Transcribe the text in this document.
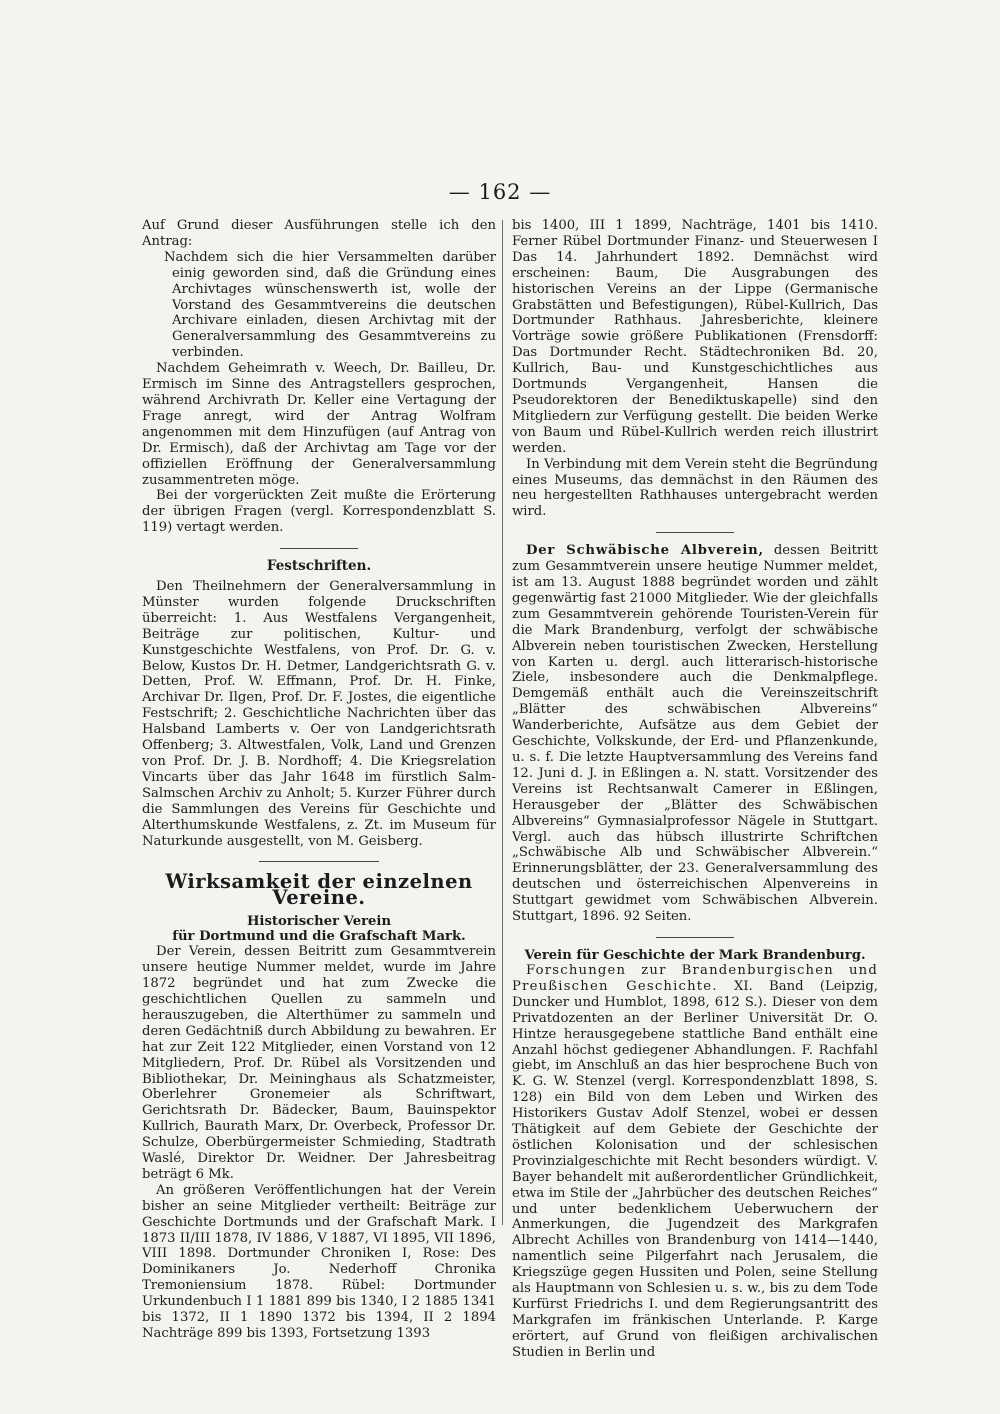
— 162 —

Auf Grund dieser Ausführungen stelle ich den Antrag:

Nachdem sich die hier Versammelten darüber einig geworden sind, daß die Gründung eines Archivtages wünschenswerth ist, wolle der Vorstand des Gesammtvereins die deutschen Archivare einladen, diesen Archivtag mit der Generalversammlung des Gesammtvereins zu verbinden.

Nachdem Geheimrath v. Weech, Dr. Bailleu, Dr. Ermisch im Sinne des Antragstellers gesprochen, während Archivrath Dr. Keller eine Vertagung der Frage anregt, wird der Antrag Wolfram angenommen mit dem Hinzufügen (auf Antrag von Dr. Ermisch), daß der Archivtag am Tage vor der offiziellen Eröffnung der Generalversammlung zusammentreten möge.

Bei der vorgerückten Zeit mußte die Erörterung der übrigen Fragen (vergl. Korrespondenzblatt S. 119) vertagt werden.

Festschriften.

Den Theilnehmern der Generalversammlung in Münster wurden folgende Druckschriften überreicht: 1. Aus Westfalens Vergangenheit, Beiträge zur politischen, Kultur- und Kunstgeschichte Westfalens, von Prof. Dr. G. v. Below, Kustos Dr. H. Detmer, Landgerichtsrath G. v. Detten, Prof. W. Effmann, Prof. Dr. H. Finke, Archivar Dr. Ilgen, Prof. Dr. F. Jostes, die eigentliche Festschrift; 2. Geschichtliche Nachrichten über das Halsband Lamberts v. Oer von Landgerichtsrath Offenberg; 3. Altwestfalen, Volk, Land und Grenzen von Prof. Dr. J. B. Nordhoff; 4. Die Kriegsrelation Vincarts über das Jahr 1648 im fürstlich Salm-Salmschen Archiv zu Anholt; 5. Kurzer Führer durch die Sammlungen des Vereins für Geschichte und Alterthumskunde Westfalens, z. Zt. im Museum für Naturkunde ausgestellt, von M. Geisberg.

Wirksamkeit der einzelnen Vereine.
Historischer Verein
für Dortmund und die Grafschaft Mark.

Der Verein, dessen Beitritt zum Gesammtverein unsere heutige Nummer meldet, wurde im Jahre 1872 begründet und hat zum Zwecke die geschichtlichen Quellen zu sammeln und herauszugeben, die Alterthümer zu sammeln und deren Gedächtniß durch Abbildung zu bewahren. Er hat zur Zeit 122 Mitglieder, einen Vorstand von 12 Mitgliedern, Prof. Dr. Rübel als Vorsitzenden und Bibliothekar, Dr. Meininghaus als Schatzmeister, Oberlehrer Gronemeier als Schriftwart, Gerichtsrath Dr. Bädecker, Baum, Bauinspektor Kullrich, Baurath Marx, Dr. Overbeck, Professor Dr. Schulze, Oberbürgermeister Schmieding, Stadtrath Waslé, Direktor Dr. Weidner. Der Jahresbeitrag beträgt 6 Mk.

An größeren Veröffentlichungen hat der Verein bisher an seine Mitglieder vertheilt: Beiträge zur Geschichte Dortmunds und der Grafschaft Mark. I 1873 II/III 1878, IV 1886, V 1887, VI 1895, VII 1896, VIII 1898. Dortmunder Chroniken I, Rose: Des Dominikaners Jo. Nederhoff Chronika Tremoniensium 1878. Rübel: Dortmunder Urkundenbuch I 1 1881 899 bis 1340, I 2 1885 1341 bis 1372, II 1 1890 1372 bis 1394, II 2 1894 Nachträge 899 bis 1393, Fortsetzung 1393

bis 1400, III 1 1899, Nachträge, 1401 bis 1410. Ferner Rübel Dortmunder Finanz- und Steuerwesen I Das 14. Jahrhundert 1892. Demnächst wird erscheinen: Baum, Die Ausgrabungen des historischen Vereins an der Lippe (Germanische Grabstätten und Befestigungen), Rübel-Kullrich, Das Dortmunder Rathhaus. Jahresberichte, kleinere Vorträge sowie größere Publikationen (Frensdorff: Das Dortmunder Recht. Städtechroniken Bd. 20, Kullrich, Bau- und Kunstgeschichtliches aus Dortmunds Vergangenheit, Hansen die Pseudorektoren der Benediktuskapelle) sind den Mitgliedern zur Verfügung gestellt. Die beiden Werke von Baum und Rübel-Kullrich werden reich illustrirt werden.

In Verbindung mit dem Verein steht die Begründung eines Museums, das demnächst in den Räumen des neu hergestellten Rathhauses untergebracht werden wird.

Der Schwäbische Albverein, dessen Beitritt zum Gesammtverein unsere heutige Nummer meldet, ist am 13. August 1888 begründet worden und zählt gegenwärtig fast 21000 Mitglieder. Wie der gleichfalls zum Gesammtverein gehörende Touristen-Verein für die Mark Brandenburg, verfolgt der schwäbische Albverein neben touristischen Zwecken, Herstellung von Karten u. dergl. auch litterarisch-historische Ziele, insbesondere auch die Denkmalpflege. Demgemäß enthält auch die Vereinszeitschrift „Blätter des schwäbischen Albvereins“ Wanderberichte, Aufsätze aus dem Gebiet der Geschichte, Volkskunde, der Erd- und Pflanzenkunde, u. s. f. Die letzte Hauptversammlung des Vereins fand 12. Juni d. J. in Eßlingen a. N. statt. Vorsitzender des Vereins ist Rechtsanwalt Camerer in Eßlingen, Herausgeber der „Blätter des Schwäbischen Albvereins“ Gymnasialprofessor Nägele in Stuttgart. Vergl. auch das hübsch illustrirte Schriftchen „Schwäbische Alb und Schwäbischer Albverein.“ Erinnerungsblätter, der 23. Generalversammlung des deutschen und österreichischen Alpenvereins in Stuttgart gewidmet vom Schwäbischen Albverein. Stuttgart, 1896. 92 Seiten.

Verein für Geschichte der Mark Brandenburg.

Forschungen zur Brandenburgischen und Preußischen Geschichte. XI. Band (Leipzig, Duncker und Humblot, 1898, 612 S.). Dieser von dem Privatdozenten an der Berliner Universität Dr. O. Hintze herausgegebene stattliche Band enthält eine Anzahl höchst gediegener Abhandlungen. F. Rachfahl giebt, im Anschluß an das hier besprochene Buch von K. G. W. Stenzel (vergl. Korrespondenzblatt 1898, S. 128) ein Bild von dem Leben und Wirken des Historikers Gustav Adolf Stenzel, wobei er dessen Thätigkeit auf dem Gebiete der Geschichte der östlichen Kolonisation und der schlesischen Provinzialgeschichte mit Recht besonders würdigt. V. Bayer behandelt mit außerordentlicher Gründlichkeit, etwa im Stile der „Jahrbücher des deutschen Reiches“ und unter bedenklichem Ueberwuchern der Anmerkungen, die Jugendzeit des Markgrafen Albrecht Achilles von Brandenburg von 1414—1440, namentlich seine Pilgerfahrt nach Jerusalem, die Kriegszüge gegen Hussiten und Polen, seine Stellung als Hauptmann von Schlesien u. s. w., bis zu dem Tode Kurfürst Friedrichs I. und dem Regierungsantritt des Markgrafen im fränkischen Unterlande. P. Karge erörtert, auf Grund von fleißigen archivalischen Studien in Berlin und
